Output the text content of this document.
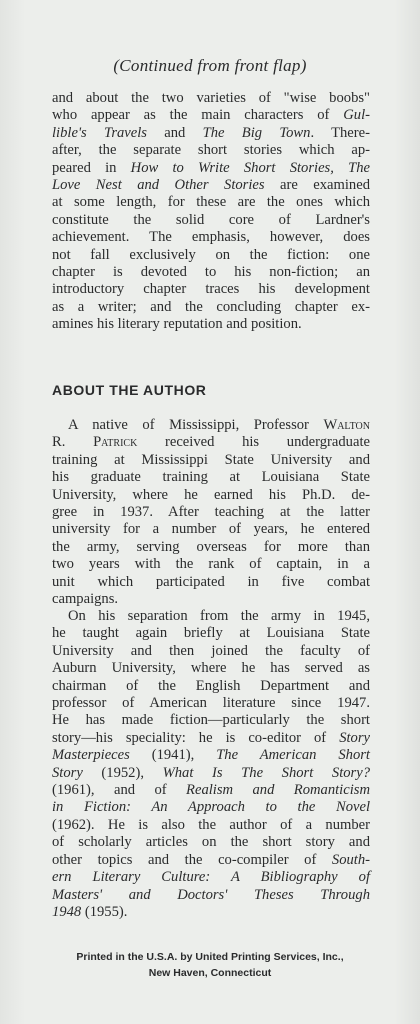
(Continued from front flap)
and about the two varieties of "wise boobs"
who appear as the main characters of Gul-
lible's Travels and The Big Town. There-
after, the separate short stories which ap-
peared in How to Write Short Stories, The
Love Nest and Other Stories are examined
at some length, for these are the ones which
constitute the solid core of Lardner's
achievement. The emphasis, however, does
not fall exclusively on the fiction: one
chapter is devoted to his non-fiction; an
introductory chapter traces his development
as a writer; and the concluding chapter ex-
amines his literary reputation and position.
ABOUT THE AUTHOR
A native of Mississippi, Professor Walton
R. Patrick received his undergraduate
training at Mississippi State University and
his graduate training at Louisiana State
University, where he earned his Ph.D. de-
gree in 1937. After teaching at the latter
university for a number of years, he entered
the army, serving overseas for more than
two years with the rank of captain, in a
unit which participated in five combat
campaigns.
On his separation from the army in 1945,
he taught again briefly at Louisiana State
University and then joined the faculty of
Auburn University, where he has served as
chairman of the English Department and
professor of American literature since 1947.
He has made fiction—particularly the short
story—his speciality: he is co-editor of Story
Masterpieces (1941), The American Short
Story (1952), What Is The Short Story?
(1961), and of Realism and Romanticism
in Fiction: An Approach to the Novel
(1962). He is also the author of a number
of scholarly articles on the short story and
other topics and the co-compiler of South-
ern Literary Culture: A Bibliography of
Masters' and Doctors' Theses Through
1948 (1955).
Printed in the U.S.A. by United Printing Services, Inc.,
New Haven, Connecticut
